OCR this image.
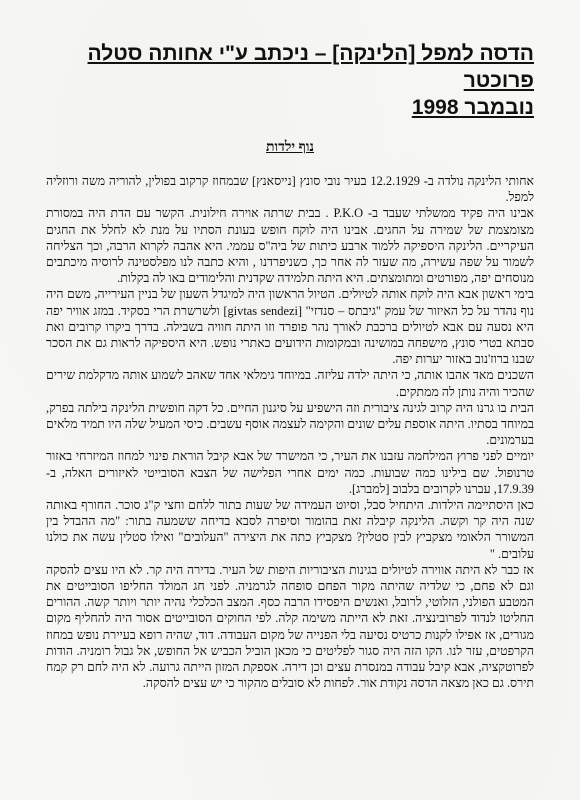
הדסה למפל [הלינקה] – ניכתב ע"י אחותה סטלה פרוכטר
נובמבר 1998
נוף ילדות

אחותי הלינקה נולדה ב- 12.2.1929 בעיר נובי סונץ [נייסאנץ] שבמחוז קרקוב בפולין, להוריה משה ורוזליה למפל.

אבינו היה פקיד ממשלתי שעבד ב- P.K.O . בבית שרתה אוירה חילונית. הקשר עם הדת היה במסורת מצומצמת של שמירה על החגים. אבינו היה לוקח חופש בעונת הסתיו על מנת לא לחלל את החגים העיקריים. הלינקה היספיקה ללמוד ארבע כיתות של ביה"ס עממי. היא אהבה לקרוא הרבה, וכך הצליחה לשמור על שפה עשירה, מה שעזר לה אחר כך, כשניפרדנו , והיא כתבה לנו מפלסטינה לרוסיה מיכתבים מנוסחים יפה, מפורטים ומתומצתים. היא היתה תלמידה שקדנית והלימודים באו לה בקלות.

בימי ראשון אבא היה לוקח אותה לטיולים. הטיול הראשון היה למיגדל השעון של בניין העירייה, משם היה נוף נהדר על כל האיזור של עמק "גיבתס – סנדזי" [givtas sendezi] ולשרשרת הרי בסקיד. במזג אוויר יפה היא נסעה עם אבא לטיולים ברכבת לאורך נהר פופרד וזו היתה חוויה בשבילה. בדרך ביקרו קרובים ואת סבתא בטרי סונץ, מישפחה במושינה ובמקומות הידועים כאתרי נופש. היא היספיקה לראות גם את הסכר שבנו ברוז'נוב באזור יערות יפה.

השכנים מאד אהבו אותה, כי היתה ילדה עליזה. במיוחד גימלאי אחד שאהב לשמוע אותה מדקלמת שירים שהכיר והיה נותן לה ממתקים.

הבית בו גרנו היה קרוב לגינה ציבורית וזה הישפיע על סיגנון החיים. כל דקה חופשית הלינקה בילתה בפרק, במיוחד בסתיו. היתה אוספת עלים שונים והקימה לעצמה אוסף עשבים. כיסי המעיל שלה היו תמיד מלאים בערמונים.

יומיים לפני פרוץ המילחמה עזבנו את העיר, כי המישרד של אבא קיבל הוראת פינוי למחוז המיזרחי באזור טרנופול. שם בילינו כמה שבועות. כמה ימים אחרי הפלישה של הצבא הסובייטי לאיזורים האלה, ב- 17.9.39, עברנו לקרובים בלבוב [למברג].

כאן היסתיימה הילדות. היתחיל סבל, וסיוט העמידה של שעות בתור ללחם וחצי ק"ג סוכר. החורף באותה שנה היה קר וקשה. הלינקה קיבלה זאת בהומור וסיפרה לסבא בדיחה ששמעה בתור: "מה ההבדל בין המשורר הלאומי מצקביץ לבין סטלין? מצקביץ כתה את היצירה "העלובים" ואילו סטלין עשה את כולנו עלובים. "

אז כבר לא היתה אווירה לטיולים בגינות הציבוריות היפות של העיר. בדירה היה קר. לא היו עצים להסקה וגם לא פחם, כי שלדיה שהיתה מקור הפחם סופחה לגרמניה. לפני חג המולד החליפו הסובייטים את המטבע הפולני, הזלוטי, לרובל, ואנשים היפסידו הרבה כסף. המצב הכלכלי נהיה יותר ויותר קשה. ההורים החליטו לנדוד לפרובינציה. זאת לא הייתה משימה קלה. לפי החוקים הסובייטים אסור היה להחליף מקום מגורים, אז אפילו לקנות כרטיס נסיעה בלי הפנייה של מקום העבודה. דוד, שהיה רופא בעיירת נופש במחוז הקרפטים, עזר לנו. הקו הזה היה סגור לפליטים כי מכאן הוביל הכביש אל החופש, אל גבול רומניה. הודות לפרוטקציה, אבא קיבל עבודה במנסרת עצים וכן דירה. אספקת המזון הייתה גרועה. לא היה לחם רק קמח תירס. גם כאן מצאה הדסה נקודת אור. לפחות לא סובלים מהקור כי יש עצים להסקה.
